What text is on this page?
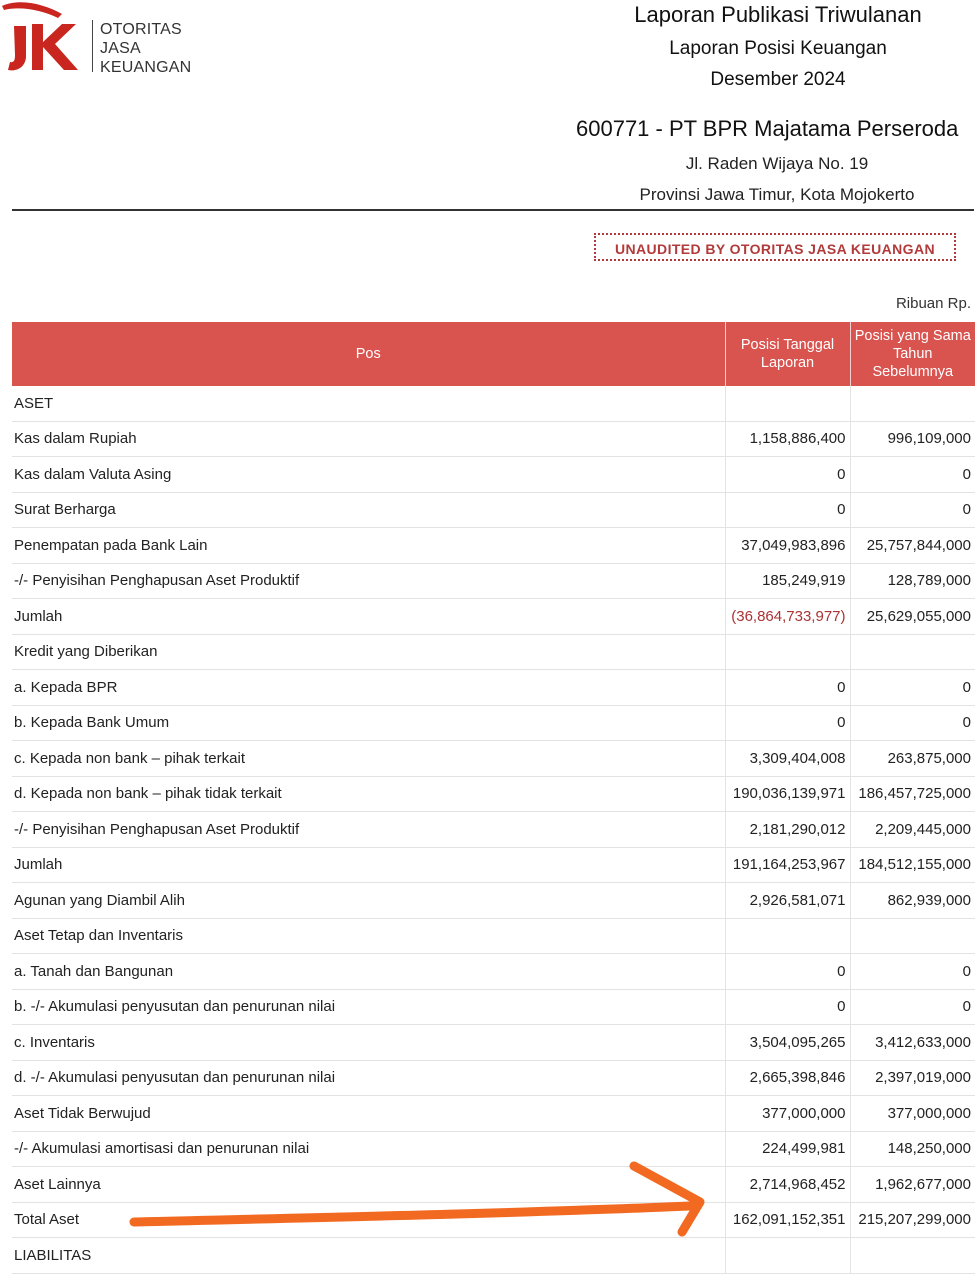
OTORITAS
JASA
KEUANGAN
Laporan Publikasi Triwulanan
Laporan Posisi Keuangan
Desember 2024
600771 - PT BPR Majatama Perseroda
Jl. Raden Wijaya No. 19
Provinsi Jawa Timur, Kota Mojokerto
UNAUDITED BY OTORITAS JASA KEUANGAN
Ribuan Rp.
Pos	Posisi Tanggal Laporan	Posisi yang Sama Tahun Sebelumnya
ASET		
Kas dalam Rupiah	1,158,886,400	996,109,000
Kas dalam Valuta Asing	0	0
Surat Berharga	0	0
Penempatan pada Bank Lain	37,049,983,896	25,757,844,000
-/- Penyisihan Penghapusan Aset Produktif	185,249,919	128,789,000
Jumlah	(36,864,733,977)	25,629,055,000
Kredit yang Diberikan		
a. Kepada BPR	0	0
b. Kepada Bank Umum	0	0
c. Kepada non bank – pihak terkait	3,309,404,008	263,875,000
d. Kepada non bank – pihak tidak terkait	190,036,139,971	186,457,725,000
-/- Penyisihan Penghapusan Aset Produktif	2,181,290,012	2,209,445,000
Jumlah	191,164,253,967	184,512,155,000
Agunan yang Diambil Alih	2,926,581,071	862,939,000
Aset Tetap dan Inventaris		
a. Tanah dan Bangunan	0	0
b. -/- Akumulasi penyusutan dan penurunan nilai	0	0
c. Inventaris	3,504,095,265	3,412,633,000
d. -/- Akumulasi penyusutan dan penurunan nilai	2,665,398,846	2,397,019,000
Aset Tidak Berwujud	377,000,000	377,000,000
-/- Akumulasi amortisasi dan penurunan nilai	224,499,981	148,250,000
Aset Lainnya	2,714,968,452	1,962,677,000
Total Aset	162,091,152,351	215,207,299,000
LIABILITAS		
